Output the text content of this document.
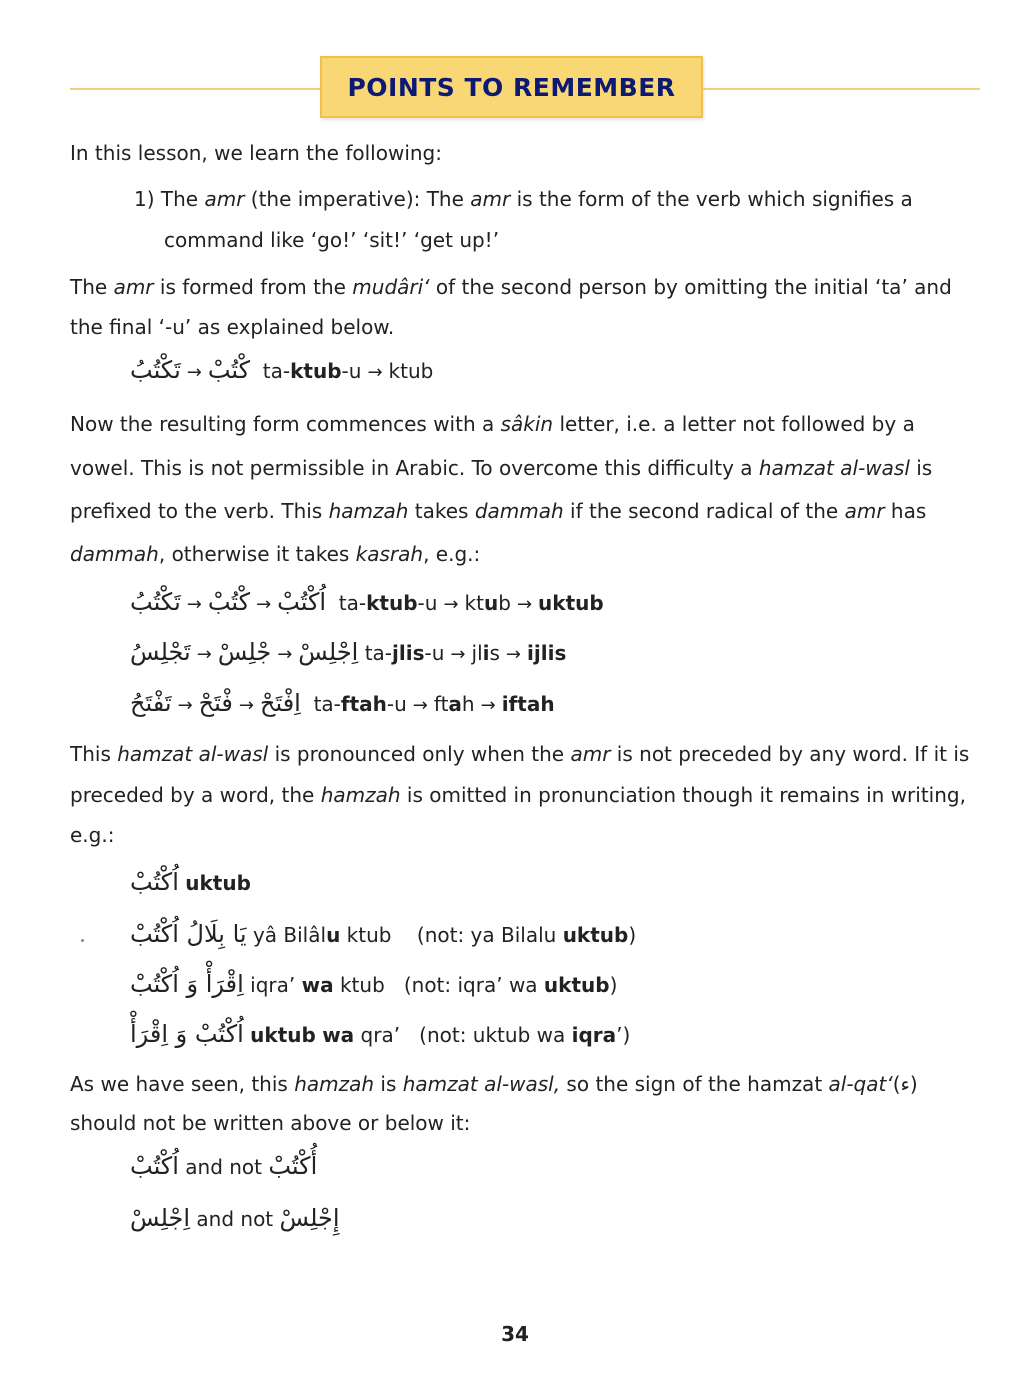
POINTS TO REMEMBER
In this lesson, we learn the following:
1) The amr (the imperative): The amr is the form of the verb which signifies a
command like ‘go!’ ‘sit!’ ‘get up!’
The amr is formed from the mudâri‘ of the second person by omitting the initial ‘ta’ and
the final ‘-u’ as explained below.
تَكْتُبُ → كْتُبْ ta-ktub-u → ktub
Now the resulting form commences with a sâkin letter, i.e. a letter not followed by a
vowel. This is not permissible in Arabic. To overcome this difficulty a hamzat al-wasl is
prefixed to the verb. This hamzah takes dammah if the second radical of the amr has
dammah, otherwise it takes kasrah, e.g.:
تَكْتُبُ → كْتُبْ → اُكْتُبْ ta-ktub-u → ktub → uktub
تَجْلِسُ → جْلِسْ → اِجْلِسْ ta-jlis-u → jlis → ijlis
تَفْتَحُ → فْتَحْ → اِفْتَحْ ta-ftah-u → ftah → iftah
This hamzat al-wasl is pronounced only when the amr is not preceded by any word. If it is
preceded by a word, the hamzah is omitted in pronunciation though it remains in writing,
e.g.:
اُكْتُبْ uktub
يَا بِلَالُ اُكْتُبْ yâ Bilâlu ktub (not: ya Bilalu uktub)
اِقْرَأْ وَ اُكْتُبْ iqra’ wa ktub (not: iqra’ wa uktub)
اُكْتُبْ وَ اِقْرَأْ uktub wa qra’ (not: uktub wa iqra’)
As we have seen, this hamzah is hamzat al-wasl, so the sign of the hamzat al-qat‘(ء)
should not be written above or below it:
اُكْتُبْ and not أُكْتُبْ
اِجْلِسْ and not إِجْلِسْ
34
